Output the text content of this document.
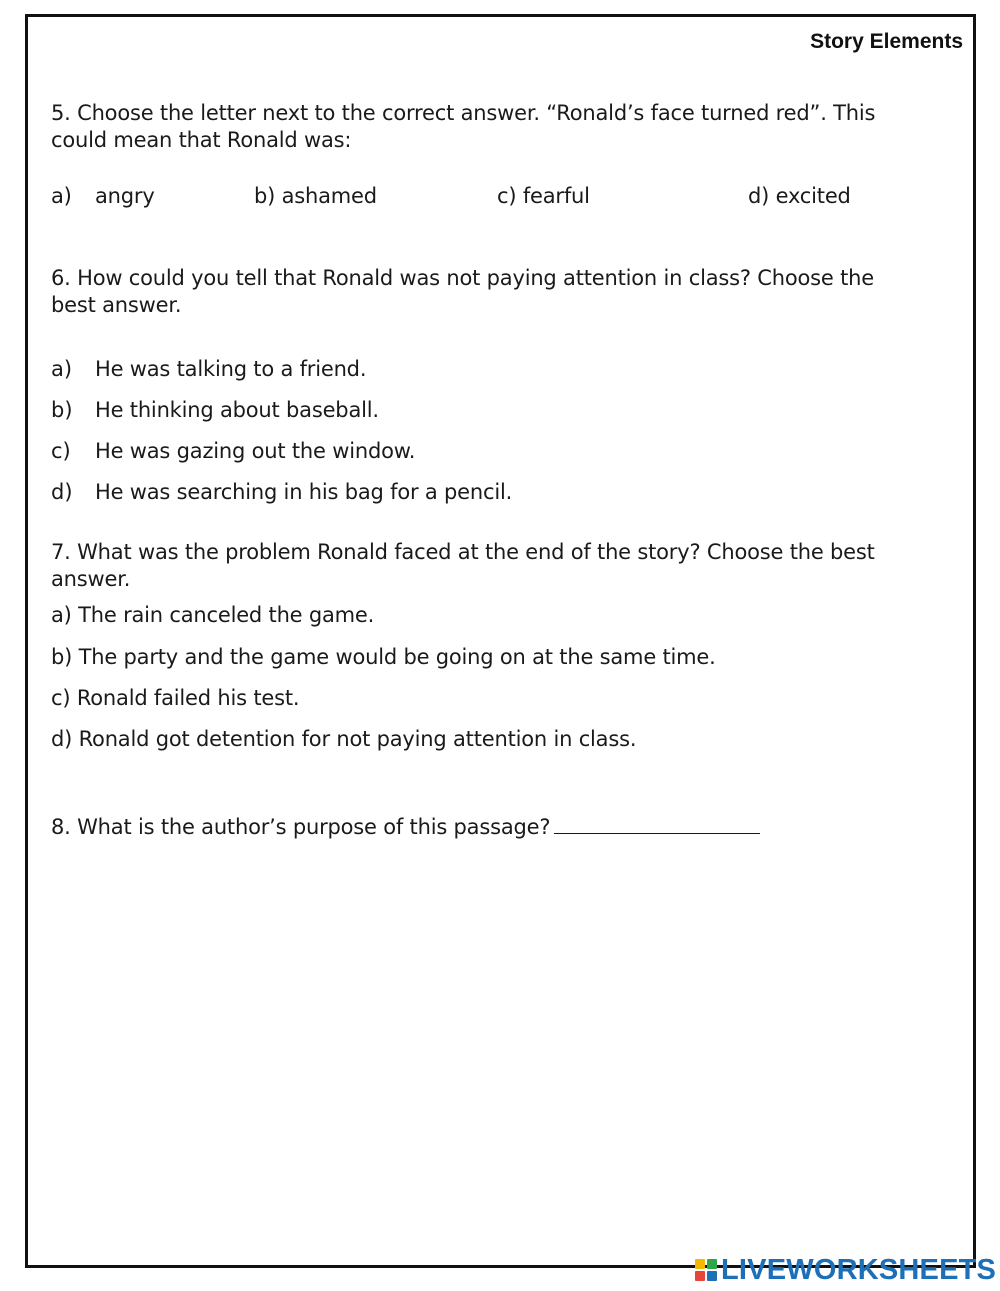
Story Elements
5. Choose the letter next to the correct answer. “Ronald’s face turned red”. This
could mean that Ronald was:
a) angry	b) ashamed	c) fearful	d) excited
6. How could you tell that Ronald was not paying attention in class? Choose the
best answer.
a) He was talking to a friend.
b) He thinking about baseball.
c) He was gazing out the window.
d) He was searching in his bag for a pencil.
7. What was the problem Ronald faced at the end of the story? Choose the best
answer.
a) The rain canceled the game.
b) The party and the game would be going on at the same time.
c) Ronald failed his test.
d) Ronald got detention for not paying attention in class.
8. What is the author’s purpose of this passage?
LIVEWORKSHEETS
